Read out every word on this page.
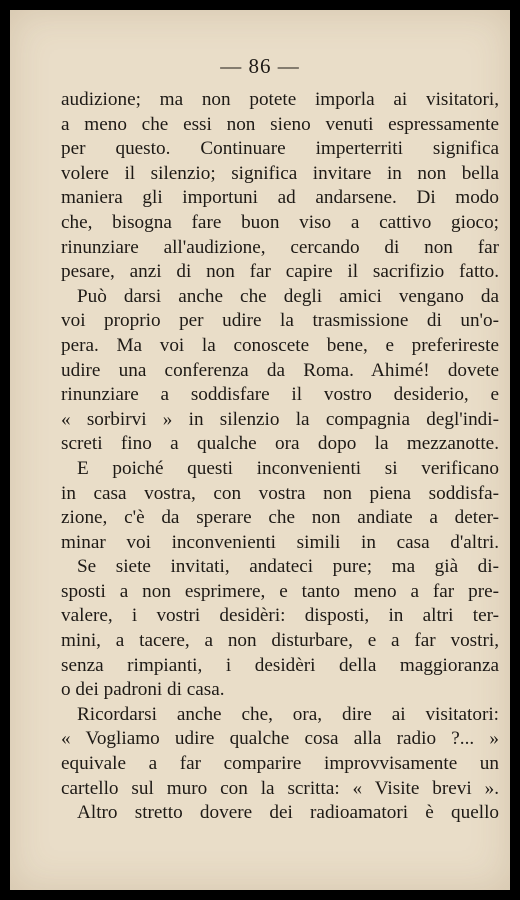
— 86 —
audizione; ma non potete imporla ai visitatori,
a meno che essi non sieno venuti espressamente
per questo. Continuare imperterriti significa
volere il silenzio; significa invitare in non bella
maniera gli importuni ad andarsene. Di modo
che, bisogna fare buon viso a cattivo gioco;
rinunziare all'audizione, cercando di non far
pesare, anzi di non far capire il sacrifizio fatto.
Può darsi anche che degli amici vengano da
voi proprio per udire la trasmissione di un'o-
pera. Ma voi la conoscete bene, e preferireste
udire una conferenza da Roma. Ahimé! dovete
rinunziare a soddisfare il vostro desiderio, e
« sorbirvi » in silenzio la compagnia degl'indi-
screti fino a qualche ora dopo la mezzanotte.
E poiché questi inconvenienti si verificano
in casa vostra, con vostra non piena soddisfa-
zione, c'è da sperare che non andiate a deter-
minar voi inconvenienti simili in casa d'altri.
Se siete invitati, andateci pure; ma già di-
sposti a non esprimere, e tanto meno a far pre-
valere, i vostri desidèri: disposti, in altri ter-
mini, a tacere, a non disturbare, e a far vostri,
senza rimpianti, i desidèri della maggioranza
o dei padroni di casa.
Ricordarsi anche che, ora, dire ai visitatori:
« Vogliamo udire qualche cosa alla radio ?... »
equivale a far comparire improvvisamente un
cartello sul muro con la scritta: « Visite brevi ».
Altro stretto dovere dei radioamatori è quello
